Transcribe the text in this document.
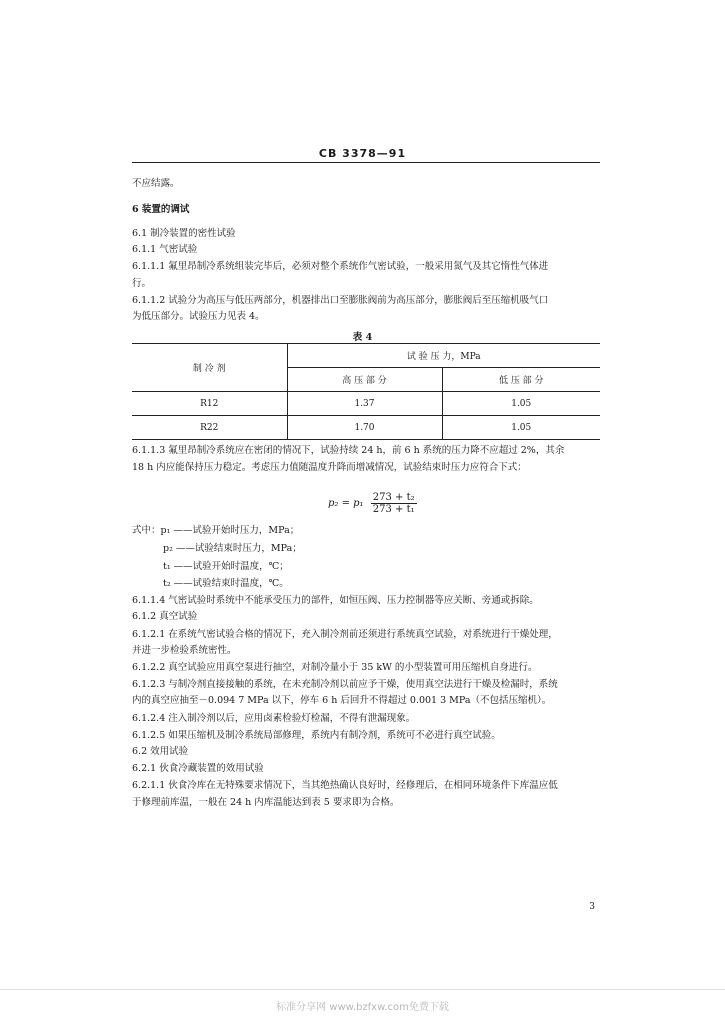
CB 3378—91
不应结露。
6 装置的调试
6.1 制冷装置的密性试验
6.1.1 气密试验
6.1.1.1 氟里昂制冷系统组装完毕后，必须对整个系统作气密试验，一般采用氮气及其它惰性气体进
行。
6.1.1.2 试验分为高压与低压两部分，机器排出口至膨胀阀前为高压部分，膨胀阀后至压缩机吸气口
为低压部分。试验压力见表 4。
表 4
制 冷 剂	试 验 压 力，MPa	
	高 压 部 分	低 压 部 分
R12	1.37	1.05
R22	1.70	1.05
6.1.1.3 氟里昂制冷系统应在密闭的情况下，试验持续 24 h，前 6 h 系统的压力降不应超过 2%，其余
18 h 内应能保持压力稳定。考虑压力值随温度升降而增减情况，试验结束时压力应符合下式：
$p_2 = p_1 \frac{\text{273 + t₂}}{\text{273 + t₁}}$
式中：p₁ ——试验开始时压力，MPa；
p₂ ——试验结束时压力，MPa；
t₁ ——试验开始时温度，℃；
t₂ ——试验结束时温度，℃。
6.1.1.4 气密试验时系统中不能承受压力的部件，如恒压阀、压力控制器等应关断、旁通或拆除。
6.1.2 真空试验
6.1.2.1 在系统气密试验合格的情况下，充入制冷剂前还须进行系统真空试验，对系统进行干燥处理，
并进一步检验系统密性。
6.1.2.2 真空试验应用真空泵进行抽空，对制冷量小于 35 kW 的小型装置可用压缩机自身进行。
6.1.2.3 与制冷剂直接接触的系统，在未充制冷剂以前应予干燥，使用真空法进行干燥及检漏时，系统
内的真空应抽至－0.094 7 MPa 以下，停车 6 h 后回升不得超过 0.001 3 MPa（不包括压缩机）。
6.1.2.4 注入制冷剂以后，应用卤素检验灯检漏，不得有泄漏现象。
6.1.2.5 如果压缩机及制冷系统局部修理，系统内有制冷剂，系统可不必进行真空试验。
6.2 效用试验
6.2.1 伙食冷藏装置的效用试验
6.2.1.1 伙食冷库在无特殊要求情况下，当其绝热确认良好时，经修理后，在相同环境条件下库温应低
于修理前库温，一般在 24 h 内库温能达到表 5 要求即为合格。
3
标准分享网 www.bzfxw.com免费下载
